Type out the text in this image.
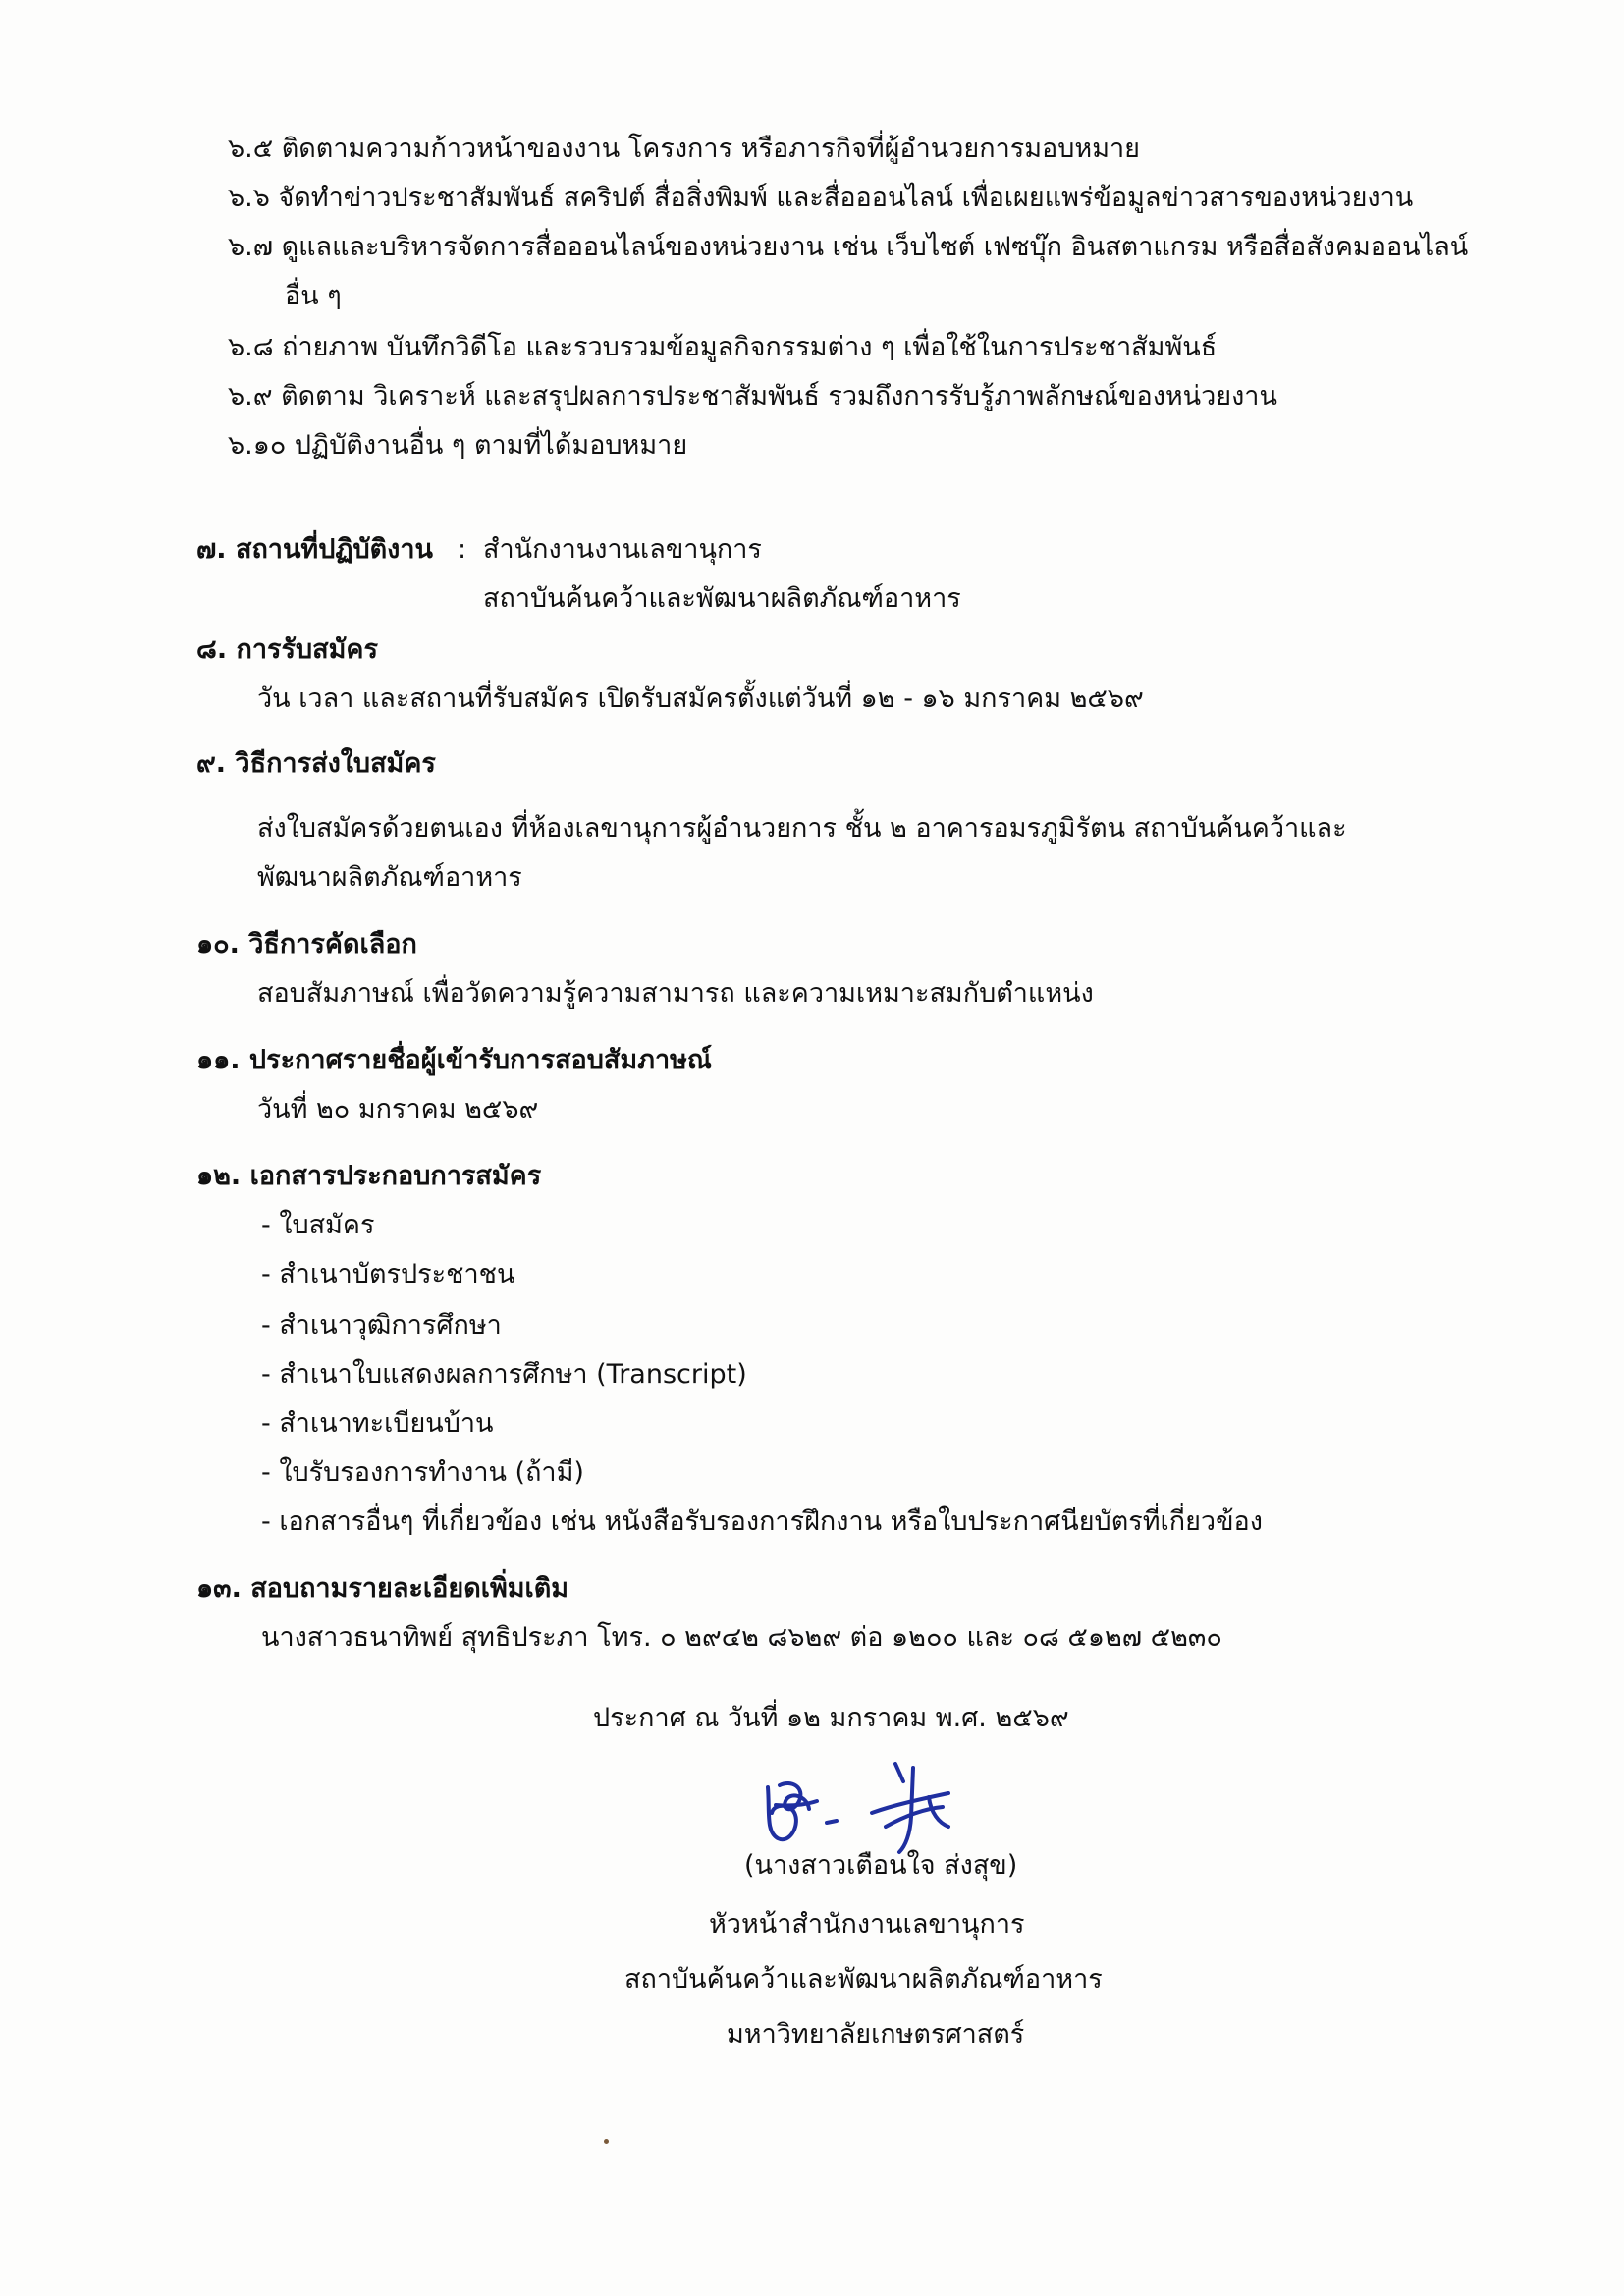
๖.๕ ติดตามความก้าวหน้าของงาน โครงการ หรือภารกิจที่ผู้อำนวยการมอบหมาย
๖.๖ จัดทำข่าวประชาสัมพันธ์ สคริปต์ สื่อสิ่งพิมพ์ และสื่อออนไลน์ เพื่อเผยแพร่ข้อมูลข่าวสารของหน่วยงาน
๖.๗ ดูแลและบริหารจัดการสื่อออนไลน์ของหน่วยงาน เช่น เว็บไซต์ เฟซบุ๊ก อินสตาแกรม หรือสื่อสังคมออนไลน์
อื่น ๆ
๖.๘ ถ่ายภาพ บันทึกวิดีโอ และรวบรวมข้อมูลกิจกรรมต่าง ๆ เพื่อใช้ในการประชาสัมพันธ์
๖.๙ ติดตาม วิเคราะห์ และสรุปผลการประชาสัมพันธ์ รวมถึงการรับรู้ภาพลักษณ์ของหน่วยงาน
๖.๑๐ ปฏิบัติงานอื่น ๆ ตามที่ได้มอบหมาย
๗. สถานที่ปฏิบัติงาน : สำนักงานงานเลขานุการ
สถาบันค้นคว้าและพัฒนาผลิตภัณฑ์อาหาร
๘. การรับสมัคร
วัน เวลา และสถานที่รับสมัคร เปิดรับสมัครตั้งแต่วันที่ ๑๒ - ๑๖ มกราคม ๒๕๖๙
๙. วิธีการส่งใบสมัคร
ส่งใบสมัครด้วยตนเอง ที่ห้องเลขานุการผู้อำนวยการ ชั้น ๒ อาคารอมรภูมิรัตน สถาบันค้นคว้าและ
พัฒนาผลิตภัณฑ์อาหาร
๑๐. วิธีการคัดเลือก
สอบสัมภาษณ์ เพื่อวัดความรู้ความสามารถ และความเหมาะสมกับตำแหน่ง
๑๑. ประกาศรายชื่อผู้เข้ารับการสอบสัมภาษณ์
วันที่ ๒๐ มกราคม ๒๕๖๙
๑๒. เอกสารประกอบการสมัคร
- ใบสมัคร
- สำเนาบัตรประชาชน
- สำเนาวุฒิการศึกษา
- สำเนาใบแสดงผลการศึกษา (Transcript)
- สำเนาทะเบียนบ้าน
- ใบรับรองการทำงาน (ถ้ามี)
- เอกสารอื่นๆ ที่เกี่ยวข้อง เช่น หนังสือรับรองการฝึกงาน หรือใบประกาศนียบัตรที่เกี่ยวข้อง
๑๓. สอบถามรายละเอียดเพิ่มเติม
นางสาวธนาทิพย์ สุทธิประภา โทร. ๐ ๒๙๔๒ ๘๖๒๙ ต่อ ๑๒๐๐ และ ๐๘ ๕๑๒๗ ๕๒๓๐
ประกาศ ณ วันที่ ๑๒ มกราคม พ.ศ. ๒๕๖๙
(นางสาวเตือนใจ ส่งสุข)
หัวหน้าสำนักงานเลขานุการ
สถาบันค้นคว้าและพัฒนาผลิตภัณฑ์อาหาร
มหาวิทยาลัยเกษตรศาสตร์
